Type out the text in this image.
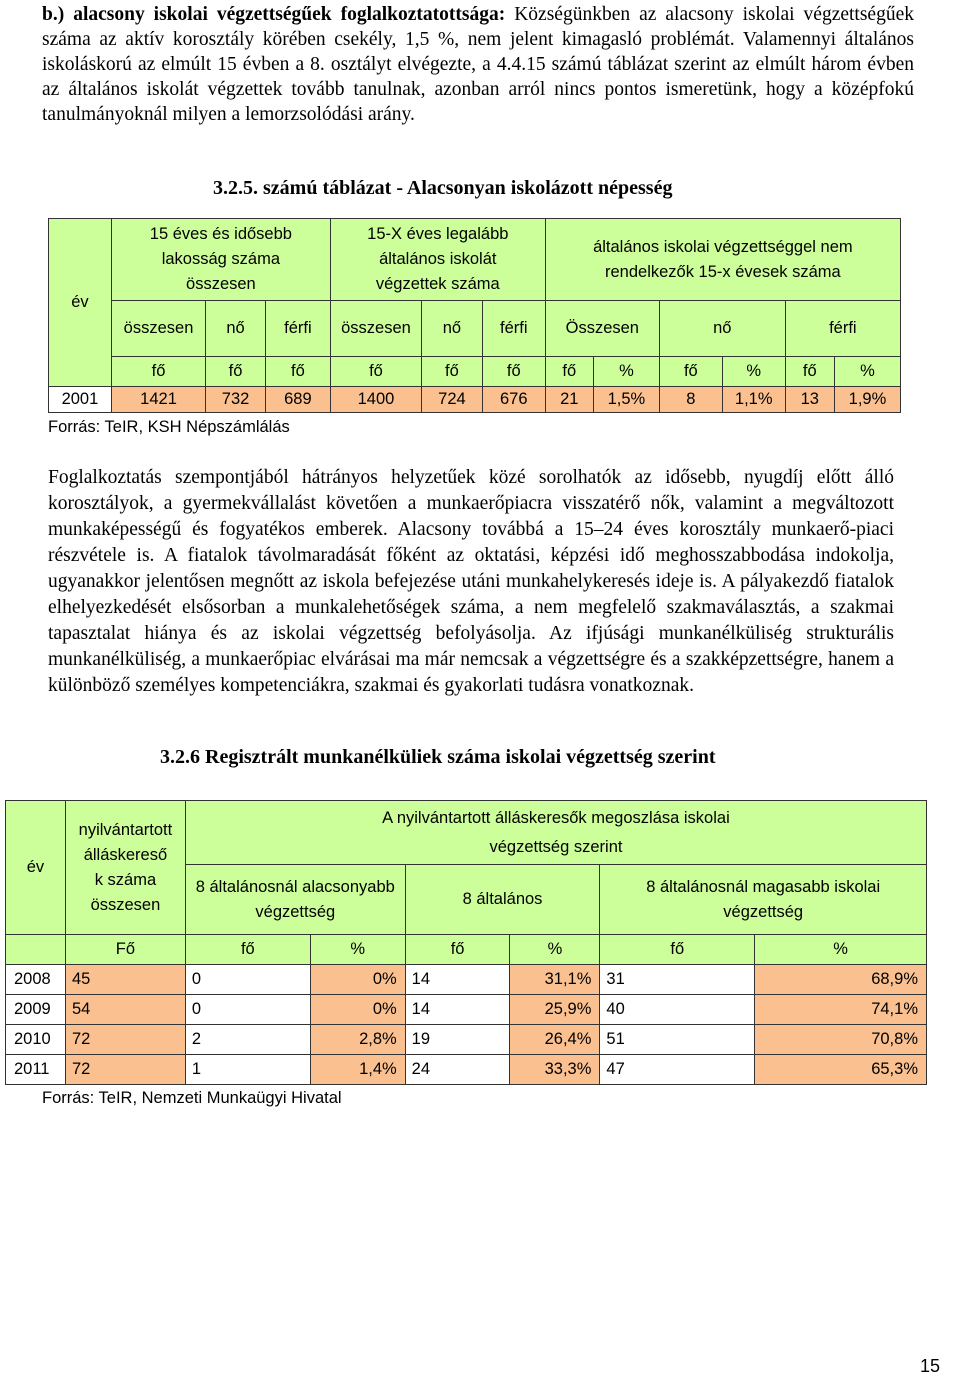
b.) alacsony iskolai végzettségűek foglalkoztatottsága: Községünkben az alacsony iskolai végzettségűek száma az aktív korosztály körében csekély, 1,5 %, nem jelent kimagasló problémát. Valamennyi általános iskoláskorú az elmúlt 15 évben a 8. osztályt elvégezte, a 4.4.15 számú táblázat szerint az elmúlt három évben az általános iskolát végzettek tovább tanulnak, azonban arról nincs pontos ismeretünk, hogy a középfokú tanulmányoknál milyen a lemorzsolódási arány.
3.2.5. számú táblázat - Alacsonyan iskolázott népesség
év	15 éves és idősebb lakosság száma összesen			15-X éves legalább általános iskolát végzettek száma			általános iskolai végzettséggel nem rendelkezők 15-x évesek száma					
	összesen	nő	férfi	összesen	nő	férfi	Összesen		nő		férfi	
	fő	fő	fő	fő	fő	fő	fő	%	fő	%	fő	%
2001	1421	732	689	1400	724	676	21	1,5%	8	1,1%	13	1,9%
Forrás: TeIR, KSH Népszámlálás
Foglalkoztatás szempontjából hátrányos helyzetűek közé sorolhatók az idősebb, nyugdíj előtt álló korosztályok, a gyermekvállalást követően a munkaerőpiacra visszatérő nők, valamint a megváltozott munkaképességű és fogyatékos emberek. Alacsony továbbá a 15–24 éves korosztály munkaerő-piaci részvétele is. A fiatalok távolmaradását főként az oktatási, képzési idő meghosszabbodása indokolja, ugyanakkor jelentősen megnőtt az iskola befejezése utáni munkahelykeresés ideje is. A pályakezdő fiatalok elhelyezkedését elsősorban a munkalehetőségek száma, a nem megfelelő szakmaválasztás, a szakmai tapasztalat hiánya és az iskolai végzettség befolyásolja. Az ifjúsági munkanélküliség strukturális munkanélküliség, a munkaerőpiac elvárásai ma már nemcsak a végzettségre és a szakképzettségre, hanem a különböző személyes kompetenciákra, szakmai és gyakorlati tudásra vonatkoznak.
3.2.6 Regisztrált munkanélküliek száma iskolai végzettség szerint
év	nyilvántartott álláskereső k száma összesen	A nyilvántartott álláskeresők megoszlása iskolai végzettség szerint					
		8 általánosnál alacsonyabb végzettség		8 általános		8 általánosnál magasabb iskolai végzettség	
	Fő	fő	%	fő	%	fő	%
2008	45	0	0%	14	31,1%	31	68,9%
2009	54	0	0%	14	25,9%	40	74,1%
2010	72	2	2,8%	19	26,4%	51	70,8%
2011	72	1	1,4%	24	33,3%	47	65,3%
Forrás: TeIR, Nemzeti Munkaügyi Hivatal
15
